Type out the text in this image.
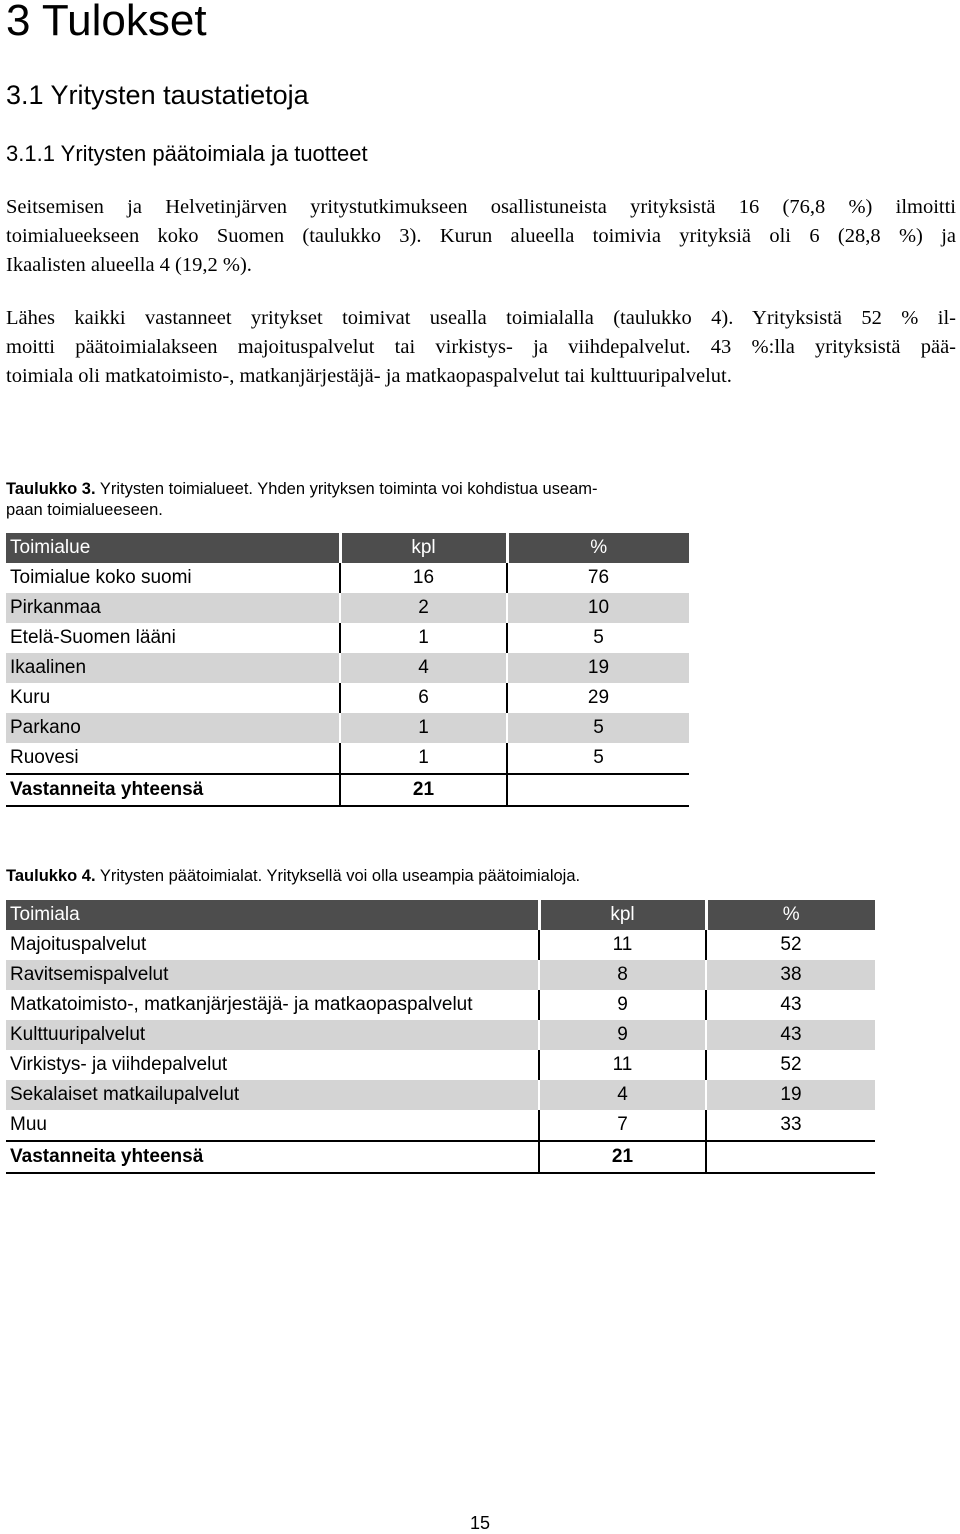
3 Tulokset
3.1 Yritysten taustatietoja
3.1.1 Yritysten päätoimiala ja tuotteet
Seitsemisen ja Helvetinjärven yritystutkimukseen osallistuneista yrityksistä 16 (76,8 %) ilmoitti
toimialueekseen koko Suomen (taulukko 3). Kurun alueella toimivia yrityksiä oli 6 (28,8 %) ja
Ikaalisten alueella 4 (19,2 %).
Lähes kaikki vastanneet yritykset toimivat usealla toimialalla (taulukko 4). Yrityksistä 52 % il-
moitti päätoimialakseen majoituspalvelut tai virkistys- ja viihdepalvelut. 43 %:lla yrityksistä pää-
toimiala oli matkatoimisto-, matkanjärjestäjä- ja matkaopaspalvelut tai kulttuuripalvelut.
Taulukko 3. Yritysten toimialueet. Yhden yrityksen toiminta voi kohdistua useam-
paan toimialueeseen.
Toimialue	kpl	%
Toimialue koko suomi	16	76
Pirkanmaa	2	10
Etelä-Suomen lääni	1	5
Ikaalinen	4	19
Kuru	6	29
Parkano	1	5
Ruovesi	1	5
Vastanneita yhteensä	21	
Taulukko 4. Yritysten päätoimialat. Yrityksellä voi olla useampia päätoimialoja.
Toimiala	kpl	%
Majoituspalvelut	11	52
Ravitsemispalvelut	8	38
Matkatoimisto-, matkanjärjestäjä- ja matkaopaspalvelut	9	43
Kulttuuripalvelut	9	43
Virkistys- ja viihdepalvelut	11	52
Sekalaiset matkailupalvelut	4	19
Muu	7	33
Vastanneita yhteensä	21	
15
